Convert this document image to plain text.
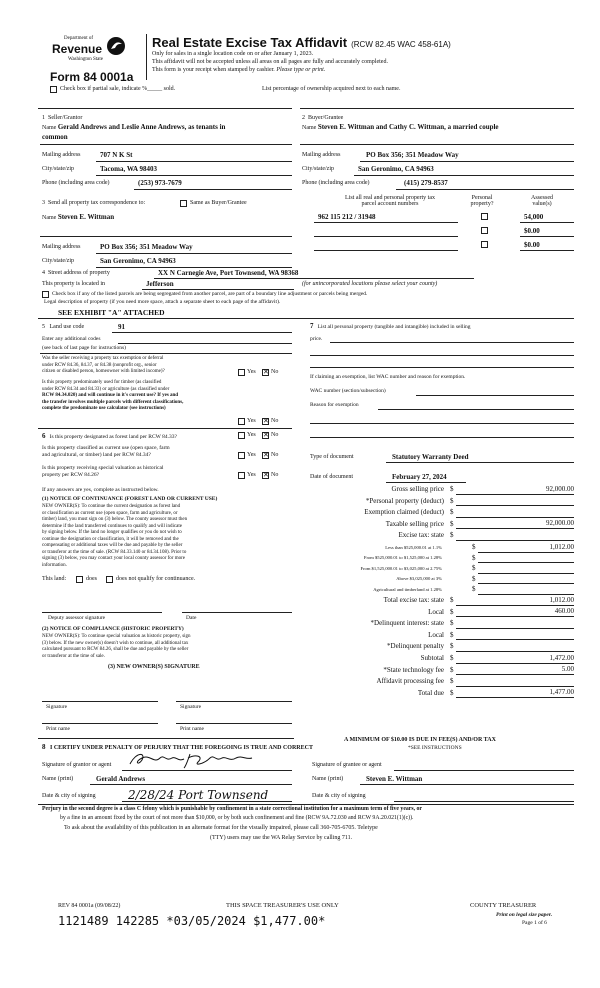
Department of
Revenue
Washington State
Form 84 0001a
Real Estate Excise Tax Affidavit (RCW 82.45 WAC 458-61A)
Only for sales in a single location code on or after January 1, 2023.
This affidavit will not be accepted unless all areas on all pages are fully and accurately completed.
This form is your receipt when stamped by cashier. Please type or print.
Check box if partial sale, indicate %_____ sold.	List percentage of ownership acquired next to each name.
1 Seller/Grantor
Name Gerald Andrews and Leslie Anne Andrews, as tenants in
common
Mailing address	707 N K St
City/state/zip	Tacoma, WA 98403
Phone (including area code)	(253) 973-7679
2 Buyer/Grantee
Name Steven E. Wittman and Cathy C. Wittman, a married couple
Mailing address	PO Box 356; 351 Meadow Way
City/state/zip	San Geronimo, CA 94963
Phone (including area code)	(415) 279-8537
3 Send all property tax correspondence to:	Same as Buyer/Grantee
Name Steven E. Wittman
Mailing address	PO Box 356; 351 Meadow Way
City/state/zip	San Geronimo, CA 94963
List all real and personal property tax
parcel account numbers
Personal
property?
Assessed
value(s)
962 115 212 / 31948	54,000
$0.00
$0.00
4 Street address of property	XX N Carnegie Ave, Port Townsend, WA 98368
This property is located in	Jefferson	(for unincorporated locations please select your county)
Check box if any of the listed parcels are being segregated from another parcel, are part of a boundary line adjustment or parcels being merged.
Legal description of property (if you need more space, attach a separate sheet to each page of the affidavit).
SEE EXHIBIT "A" ATTACHED
5 Land use code	91
Enter any additional codes
(see back of last page for instructions)
Was the seller receiving a property tax exemption or deferral
under RCW 84.36, 84.37, or 84.38 (nonprofit org., senior
citizen or disabled person, homeowner with limited income)?	Yes ✕ No
Is this property predominately used for timber (as classified
under RCW 84.34 and 84.33) or agriculture (as classified under
RCW 84.34.020) and will continue in it's current use? If yes and
the transfer involves multiple parcels with different classifications,
complete the predominate use calculator (see instructions)
Yes ✕ No
6 Is this property designated as forest land per RCW 84.33?	Yes ✕ No
Is this property classified as current use (open space, farm
and agricultural, or timber) land per RCW 84.34?	Yes ✕ No
Is this property receiving special valuation as historical
property per RCW 84.26?	Yes ✕ No
If any answers are yes, complete as instructed below.
(1) NOTICE OF CONTINUANCE (FOREST LAND OR CURRENT USE)
NEW OWNER(S): To continue the current designation as forest land
or classification as current use (open space, farm and agriculture, or
timber) land, you must sign on (3) below. The county assessor must then
determine if the land transferred continues to qualify and will indicate
by signing below. If the land no longer qualifies or you do not wish to
continue the designation or classification, it will be removed and the
compensating or additional taxes will be due and payable by the seller
or transferor at the time of sale. (RCW 84.33.140 or 84.34.108). Prior to
signing (3) below, you may contact your local county assessor for more
information.
This land:	does	does not qualify for continuance.
Deputy assessor signature	Date
(2) NOTICE OF COMPLIANCE (HISTORIC PROPERTY)
NEW OWNER(S): To continue special valuation as historic property, sign
(3) below. If the new owner(s) doesn't wish to continue, all additional tax
calculated pursuant to RCW 84.26, shall be due and payable by the seller
or transferor at the time of sale.
(3) NEW OWNER(S) SIGNATURE
Signature	Signature
Print name	Print name
7 List all personal property (tangible and intangible) included in selling
price.
If claiming an exemption, list WAC number and reason for exemption.
WAC number (section/subsection)
Reason for exemption
Type of document	Statutory Warranty Deed
Date of document	February 27, 2024
Gross selling price $	92,000.00
*Personal property (deduct) $
Exemption claimed (deduct) $
Taxable selling price $	92,000.00
Excise tax: state $
Less than $525,000.01 at 1.1%	$	1,012.00
From $525,000.01 to $1,525,000 at 1.28%	$
From $1,525,000.01 to $3,025,000 at 2.75%	$
Above $3,025,000 at 3%	$
Agricultural and timberland at 1.28%	$
Total excise tax: state $	1,012.00
Local $	460.00
*Delinquent interest: state $
Local $
*Delinquent penalty $
Subtotal $	1,472.00
*State technology fee $	5.00
Affidavit processing fee $
Total due $	1,477.00
A MINIMUM OF $10.00 IS DUE IN FEE(S) AND/OR TAX
*SEE INSTRUCTIONS
8 I CERTIFY UNDER PENALTY OF PERJURY THAT THE FOREGOING IS TRUE AND CORRECT
Signature of grantor or agent
Name (print)	Gerald Andrews
Date & city of signing	2/28/24 Port Townsend
Signature of grantee or agent
Name (print)	Steven E. Wittman
Date & city of signing
Perjury in the second degree is a class C felony which is punishable by confinement in a state correctional institution for a maximum term of five years, or
by a fine in an amount fixed by the court of not more than $10,000, or by both such confinement and fine (RCW 9A.72.030 and RCW 9A.20.021(1)(c)).
To ask about the availability of this publication in an alternate format for the visually impaired, please call 360-705-6705. Teletype
(TTY) users may use the WA Relay Service by calling 711.
REV 84 0001a (09/08/22)	THIS SPACE TREASURER'S USE ONLY	COUNTY TREASURER
Print on legal size paper.
Page 1 of 6
1121489 142285 *03/05/2024 $1,477.00*
